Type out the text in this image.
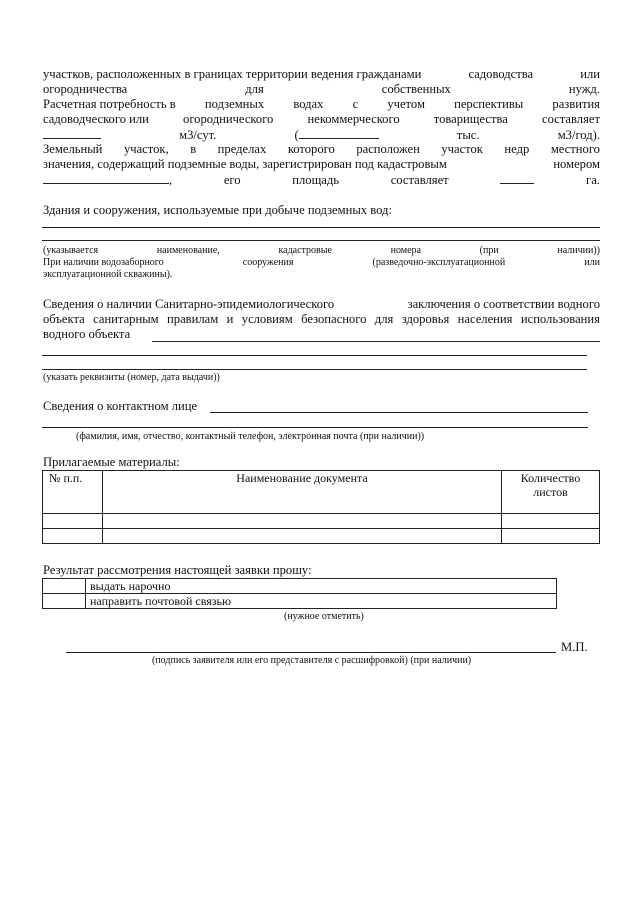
участков, расположенных в границах территории ведения гражданами	садоводства	или
огородничества	для	собственных	нужд.
Расчетная потребность в подземных водах с учетом перспективы развития
садоводческого или	огороднического	некоммерческого	товарищества	составляет
м3/сут.	(	тыс.	м3/год).
Земельный участок, в пределах которого расположен участок недр местного
значения, содержащий подземные воды, зарегистрирован под кадастровым	номером
,	его	площадь	составляет	га.
Здания и сооружения, используемые при добыче подземных вод:
(указывается	наименование,	кадастровые	номера	(при	наличии))
При наличии водозаборного	сооружения	(разведочно-эксплуатационной	или
эксплуатационной скважины).
Сведения о наличии Санитарно-эпидемиологического	заключения о соответствии водного
объекта санитарным правилам и условиям безопасного для здоровья населения использования
водного объекта
(указать реквизиты (номер, дата выдачи))
Сведения о контактном лице
(фамилия, имя, отчество, контактный телефон, электронная почта (при наличии))
Прилагаемые материалы:
№ п.п.	Наименование документа	Количество
листов

Результат рассмотрения настоящей заявки прошу:
	выдать нарочно
	направить почтовой связью
(нужное отметить)
М.П.
(подпись заявителя или его представителя с расшифровкой) (при наличии)
